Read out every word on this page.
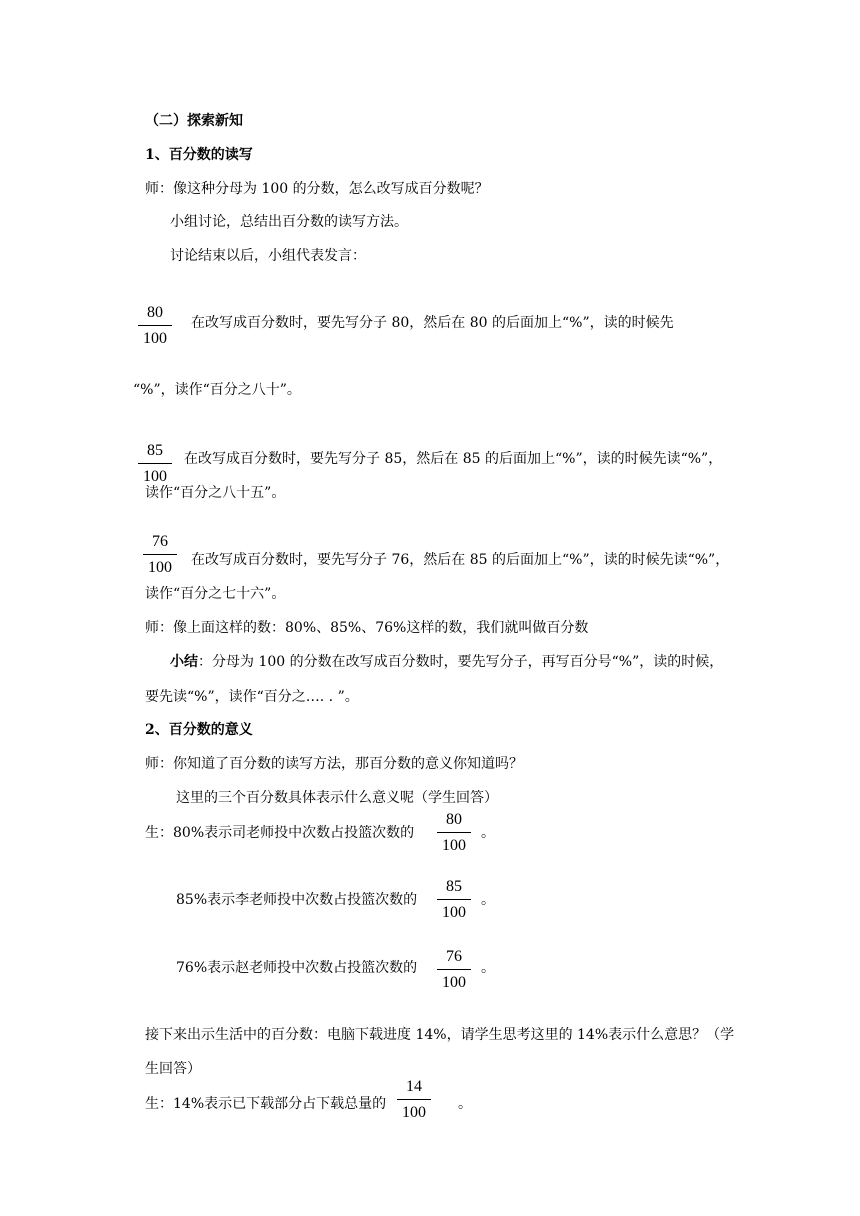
（二）探索新知
1、百分数的读写
师：像这种分母为 100 的分数，怎么改写成百分数呢？
小组讨论，总结出百分数的读写方法。
讨论结束以后，小组代表发言：
80
100
在改写成百分数时，要先写分子 80，然后在 80 的后面加上“%”，读的时候先
“%”，读作“百分之八十”。
85
100
在改写成百分数时，要先写分子 85，然后在 85 的后面加上“%”，读的时候先读“%”，
读作“百分之八十五”。
76
100	在改写成百分数时，要先写分子 76，然后在 85 的后面加上“%”，读的时候先读“%”，
读作“百分之七十六”。
师：像上面这样的数：80%、85%、76%这样的数，我们就叫做百分数
小结：分母为 100 的分数在改写成百分数时，要先写分子，再写百分号“%”，读的时候，
要先读“%”，读作“百分之…. . ”。
2、百分数的意义
师：你知道了百分数的读写方法，那百分数的意义你知道吗？
这里的三个百分数具体表示什么意义呢（学生回答）
生：80%表示司老师投中次数占投篮次数的
80
100
。
85%表示李老师投中次数占投篮次数的
85
100
。
76%表示赵老师投中次数占投篮次数的
76
100
。
接下来出示生活中的百分数：电脑下载进度 14%，请学生思考这里的 14%表示什么意思？（学
生回答）
生：14%表示已下载部分占下载总量的
14
100	。
